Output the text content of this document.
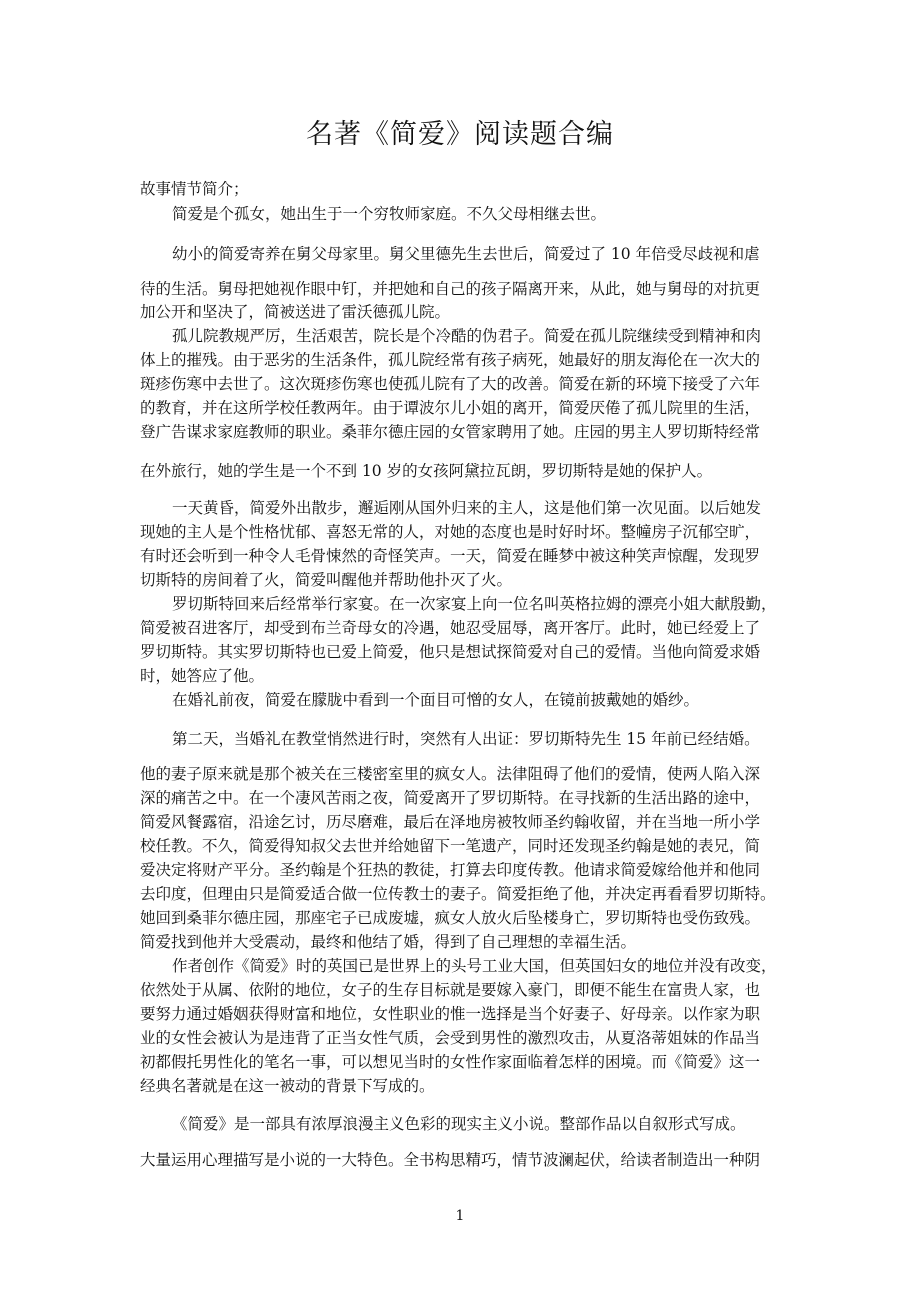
名著《简爱》阅读题合编
故事情节简介；
简爱是个孤女，她出生于一个穷牧师家庭。不久父母相继去世。
幼小的简爱寄养在舅父母家里。舅父里德先生去世后，简爱过了 10 年倍受尽歧视和虐
待的生活。舅母把她视作眼中钉，并把她和自己的孩子隔离开来，从此，她与舅母的对抗更
加公开和坚决了，简被送进了雷沃德孤儿院。
孤儿院教规严厉，生活艰苦，院长是个冷酷的伪君子。简爱在孤儿院继续受到精神和肉
体上的摧残。由于恶劣的生活条件，孤儿院经常有孩子病死，她最好的朋友海伦在一次大的
斑疹伤寒中去世了。这次斑疹伤寒也使孤儿院有了大的改善。简爱在新的环境下接受了六年
的教育，并在这所学校任教两年。由于谭波尔儿小姐的离开，简爱厌倦了孤儿院里的生活，
登广告谋求家庭教师的职业。桑菲尔德庄园的女管家聘用了她。庄园的男主人罗切斯特经常
在外旅行，她的学生是一个不到 10 岁的女孩阿黛拉瓦朗，罗切斯特是她的保护人。
一天黄昏，简爱外出散步，邂逅刚从国外归来的主人，这是他们第一次见面。以后她发
现她的主人是个性格忧郁、喜怒无常的人，对她的态度也是时好时坏。整幢房子沉郁空旷，
有时还会听到一种令人毛骨悚然的奇怪笑声。一天，简爱在睡梦中被这种笑声惊醒，发现罗
切斯特的房间着了火，简爱叫醒他并帮助他扑灭了火。
罗切斯特回来后经常举行家宴。在一次家宴上向一位名叫英格拉姆的漂亮小姐大献殷勤，
简爱被召进客厅，却受到布兰奇母女的冷遇，她忍受屈辱，离开客厅。此时，她已经爱上了
罗切斯特。其实罗切斯特也已爱上简爱，他只是想试探简爱对自己的爱情。当他向简爱求婚
时，她答应了他。
在婚礼前夜，简爱在朦胧中看到一个面目可憎的女人，在镜前披戴她的婚纱。
第二天，当婚礼在教堂悄然进行时，突然有人出证：罗切斯特先生 15 年前已经结婚。
他的妻子原来就是那个被关在三楼密室里的疯女人。法律阻碍了他们的爱情，使两人陷入深
深的痛苦之中。在一个凄风苦雨之夜，简爱离开了罗切斯特。在寻找新的生活出路的途中，
简爱风餐露宿，沿途乞讨，历尽磨难，最后在泽地房被牧师圣约翰收留，并在当地一所小学
校任教。不久，简爱得知叔父去世并给她留下一笔遗产，同时还发现圣约翰是她的表兄，简
爱决定将财产平分。圣约翰是个狂热的教徒，打算去印度传教。他请求简爱嫁给他并和他同
去印度，但理由只是简爱适合做一位传教士的妻子。简爱拒绝了他，并决定再看看罗切斯特。
她回到桑菲尔德庄园，那座宅子已成废墟，疯女人放火后坠楼身亡，罗切斯特也受伤致残。
简爱找到他并大受震动，最终和他结了婚，得到了自己理想的幸福生活。
作者创作《简爱》时的英国已是世界上的头号工业大国，但英国妇女的地位并没有改变，
依然处于从属、依附的地位，女子的生存目标就是要嫁入豪门，即便不能生在富贵人家，也
要努力通过婚姻获得财富和地位，女性职业的惟一选择是当个好妻子、好母亲。以作家为职
业的女性会被认为是违背了正当女性气质，会受到男性的激烈攻击，从夏洛蒂姐妹的作品当
初都假托男性化的笔名一事，可以想见当时的女性作家面临着怎样的困境。而《简爱》这一
经典名著就是在这一被动的背景下写成的。
《简爱》是一部具有浓厚浪漫主义色彩的现实主义小说。整部作品以自叙形式写成。
大量运用心理描写是小说的一大特色。全书构思精巧，情节波澜起伏，给读者制造出一种阴
1
